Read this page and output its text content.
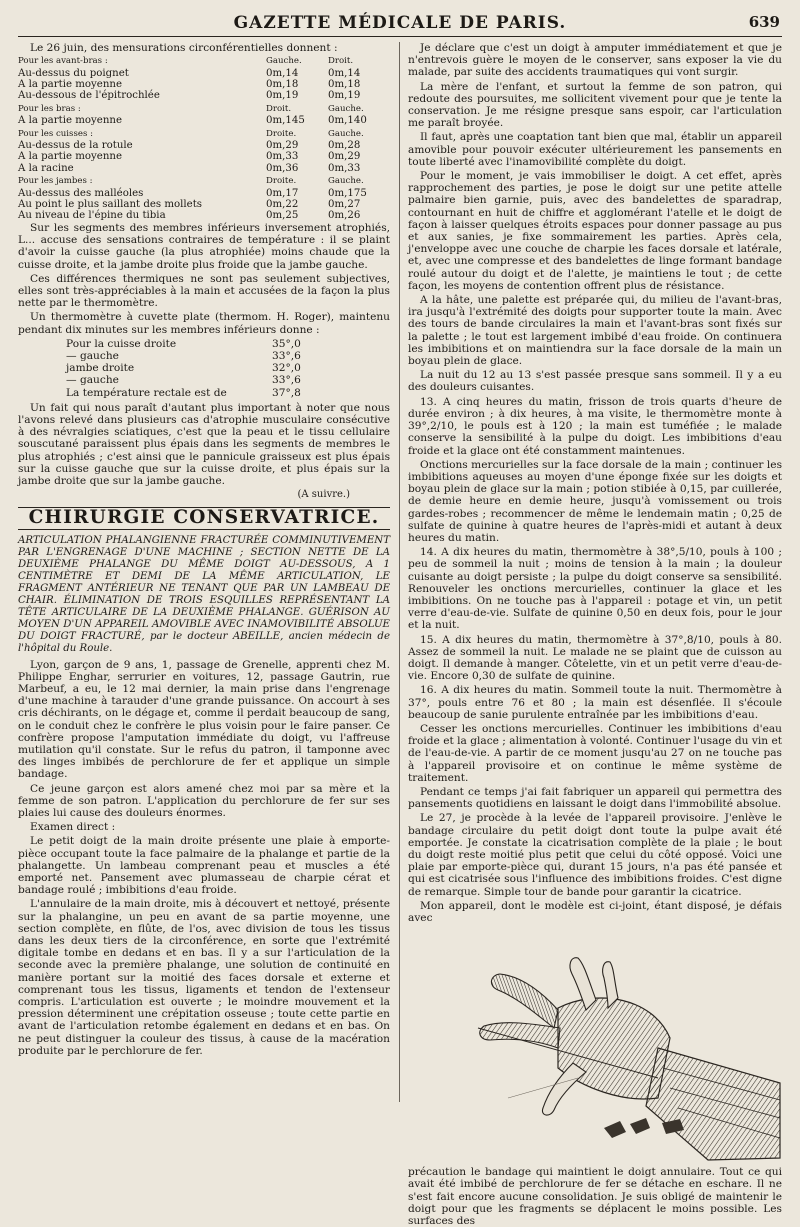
GAZETTE MÉDICALE DE PARIS.	639
Le 26 juin, des mensurations circonférentielles donnent :
Pour les avant-bras :	Gauche.	Droit.
Au-dessus du poignet	0m,14	0m,14
A la partie moyenne	0m,18	0m,18
Au-dessous de l'épitrochlée	0m,19	0m,19
Pour les bras :	Droit.	Gauche.
A la partie moyenne	0m,145	0m,140
Pour les cuisses :	Droite.	Gauche.
Au-dessus de la rotule	0m,29	0m,28
A la partie moyenne	0m,33	0m,29
A la racine	0m,36	0m,33
Pour les jambes :	Droite.	Gauche.
Au-dessus des malléoles	0m,17	0m,175
Au point le plus saillant des mollets	0m,22	0m,27
Au niveau de l'épine du tibia	0m,25	0m,26

Sur les segments des membres inférieurs inversement atrophiés, L... accuse des sensations contraires de température : il se plaint d'avoir la cuisse gauche (la plus atrophiée) moins chaude que la cuisse droite, et la jambe droite plus froide que la jambe gauche.

Ces différences thermiques ne sont pas seulement subjectives, elles sont très-appréciables à la main et accusées de la façon la plus nette par le thermomètre.

Un thermomètre à cuvette plate (thermom. H. Roger), maintenu pendant dix minutes sur les membres inférieurs donne :

Pour la cuisse droite	35°,0
— gauche	33°,6
jambe droite	32°,0
— gauche	33°,6
La température rectale est de	37°,8

Un fait qui nous paraît d'autant plus important à noter que nous l'avons relevé dans plusieurs cas d'atrophie musculaire consécutive à des névralgies sciatiques, c'est que la peau et le tissu cellulaire souscutané paraissent plus épais dans les segments de membres le plus atrophiés ; c'est ainsi que le pannicule graisseux est plus épais sur la cuisse gauche que sur la cuisse droite, et plus épais sur la jambe droite que sur la jambe gauche.

(A suivre.)
CHIRURGIE CONSERVATRICE.
ARTICULATION PHALANGIENNE FRACTURÉE COMMINUTIVEMENT PAR L'ENGRENAGE D'UNE MACHINE ; SECTION NETTE DE LA DEUXIÈME PHALANGE DU MÊME DOIGT AU-DESSOUS, A 1 CENTIMÈTRE ET DEMI DE LA MÊME ARTICULATION, LE FRAGMENT ANTÉRIEUR NE TENANT QUE PAR UN LAMBEAU DE CHAIR. ÉLIMINATION DE TROIS ESQUILLES REPRÉSENTANT LA TÊTE ARTICULAIRE DE LA DEUXIÈME PHALANGE. GUÉRISON AU MOYEN D'UN APPAREIL AMOVIBLE AVEC INAMOVIBILITÉ ABSOLUE DU DOIGT FRACTURÉ, par le docteur ABEILLE, ancien médecin de l'hôpital du Roule.

Lyon, garçon de 9 ans, 1, passage de Grenelle, apprenti chez M. Philippe Enghar, serrurier en voitures, 12, passage Gautrin, rue Marbeuf, a eu, le 12 mai dernier, la main prise dans l'engrenage d'une machine à tarauder d'une grande puissance. On accourt à ses cris déchirants, on le dégage et, comme il perdait beaucoup de sang, on le conduit chez le confrère le plus voisin pour le faire panser. Ce confrère propose l'amputation immédiate du doigt, vu l'affreuse mutilation qu'il constate. Sur le refus du patron, il tamponne avec des linges imbibés de perchlorure de fer et applique un simple bandage.

Ce jeune garçon est alors amené chez moi par sa mère et la femme de son patron. L'application du perchlorure de fer sur ses plaies lui cause des douleurs énormes.

Examen direct :

Le petit doigt de la main droite présente une plaie à emporte-pièce occupant toute la face palmaire de la phalange et partie de la phalangette. Un lambeau comprenant peau et muscles a été emporté net. Pansement avec plumasseau de charpie cérat et bandage roulé ; imbibitions d'eau froide.

L'annulaire de la main droite, mis à découvert et nettoyé, présente sur la phalangine, un peu en avant de sa partie moyenne, une section complète, en flûte, de l'os, avec division de tous les tissus dans les deux tiers de la circonférence, en sorte que l'extrémité digitale tombe en dedans et en bas. Il y a sur l'articulation de la seconde avec la première phalange, une solution de continuité en manière portant sur la moitié des faces dorsale et externe et comprenant tous les tissus, ligaments et tendon de l'extenseur compris. L'articulation est ouverte ; le moindre mouvement et la pression déterminent une crépitation osseuse ; toute cette partie en avant de l'articulation retombe également en dedans et en bas. On ne peut distinguer la couleur des tissus, à cause de la macération produite par le perchlorure de fer.

Je déclare que c'est un doigt à amputer immédiatement et que je n'entrevois guère le moyen de le conserver, sans exposer la vie du malade, par suite des accidents traumatiques qui vont surgir.

La mère de l'enfant, et surtout la femme de son patron, qui redoute des poursuites, me sollicitent vivement pour que je tente la conservation. Je me résigne presque sans espoir, car l'articulation me paraît broyée.

Il faut, après une coaptation tant bien que mal, établir un appareil amovible pour pouvoir exécuter ultérieurement les pansements en toute liberté avec l'inamovibilité complète du doigt.

Pour le moment, je vais immobiliser le doigt. A cet effet, après rapprochement des parties, je pose le doigt sur une petite attelle palmaire bien garnie, puis, avec des bandelettes de sparadrap, contournant en huit de chiffre et agglomérant l'atelle et le doigt de façon à laisser quelques étroits espaces pour donner passage au pus et aux sanies, je fixe sommairement les parties. Après cela, j'enveloppe avec une couche de charpie les faces dorsale et latérale, et, avec une compresse et des bandelettes de linge formant bandage roulé autour du doigt et de l'alette, je maintiens le tout ; de cette façon, les moyens de contention offrent plus de résistance.

A la hâte, une palette est préparée qui, du milieu de l'avant-bras, ira jusqu'à l'extrémité des doigts pour supporter toute la main. Avec des tours de bande circulaires la main et l'avant-bras sont fixés sur la palette ; le tout est largement imbibé d'eau froide. On continuera les imbibitions et on maintiendra sur la face dorsale de la main un boyau plein de glace.

La nuit du 12 au 13 s'est passée presque sans sommeil. Il y a eu des douleurs cuisantes.

13. A cinq heures du matin, frisson de trois quarts d'heure de durée environ ; à dix heures, à ma visite, le thermomètre monte à 39°,2/10, le pouls est à 120 ; la main est tuméfiée ; le malade conserve la sensibilité à la pulpe du doigt. Les imbibitions d'eau froide et la glace ont été constamment maintenues.

Onctions mercurielles sur la face dorsale de la main ; continuer les imbibitions aqueuses au moyen d'une éponge fixée sur les doigts et boyau plein de glace sur la main ; potion stibiée à 0,15, par cuillerée, de demie heure en demie heure, jusqu'à vomissement ou trois gardes-robes ; recommencer de même le lendemain matin ; 0,25 de sulfate de quinine à quatre heures de l'après-midi et autant à deux heures du matin.

14. A dix heures du matin, thermomètre à 38°,5/10, pouls à 100 ; peu de sommeil la nuit ; moins de tension à la main ; la douleur cuisante au doigt persiste ; la pulpe du doigt conserve sa sensibilité. Renouveler les onctions mercurielles, continuer la glace et les imbibitions. On ne touche pas à l'appareil : potage et vin, un petit verre d'eau-de-vie. Sulfate de quinine 0,50 en deux fois, pour le jour et la nuit.

15. A dix heures du matin, thermomètre à 37°,8/10, pouls à 80. Assez de sommeil la nuit. Le malade ne se plaint que de cuisson au doigt. Il demande à manger. Côtelette, vin et un petit verre d'eau-de-vie. Encore 0,30 de sulfate de quinine.

16. A dix heures du matin. Sommeil toute la nuit. Thermomètre à 37°, pouls entre 76 et 80 ; la main est désenflée. Il s'écoule beaucoup de sanie purulente entraînée par les imbibitions d'eau.

Cesser les onctions mercurielles. Continuer les imbibitions d'eau froide et la glace ; alimentation à volonté. Continuer l'usage du vin et de l'eau-de-vie. A partir de ce moment jusqu'au 27 on ne touche pas à l'appareil provisoire et on continue le même système de traitement.

Pendant ce temps j'ai fait fabriquer un appareil qui permettra des pansements quotidiens en laissant le doigt dans l'immobilité absolue.

Le 27, je procède à la levée de l'appareil provisoire. J'enlève le bandage circulaire du petit doigt dont toute la pulpe avait été emportée. Je constate la cicatrisation complète de la plaie ; le bout du doigt reste moitié plus petit que celui du côté opposé. Voici une plaie par emporte-pièce qui, durant 15 jours, n'a pas été pansée et qui est cicatrisée sous l'influence des imbibitions froides. C'est digne de remarque. Simple tour de bande pour garantir la cicatrice.

Mon appareil, dont le modèle est ci-joint, étant disposé, je défais avec

précaution le bandage qui maintient le doigt annulaire. Tout ce qui avait été imbibé de perchlorure de fer se détache en eschare. Il ne s'est fait encore aucune consolidation. Je suis obligé de maintenir le doigt pour que les fragments se déplacent le moins possible. Les surfaces des
